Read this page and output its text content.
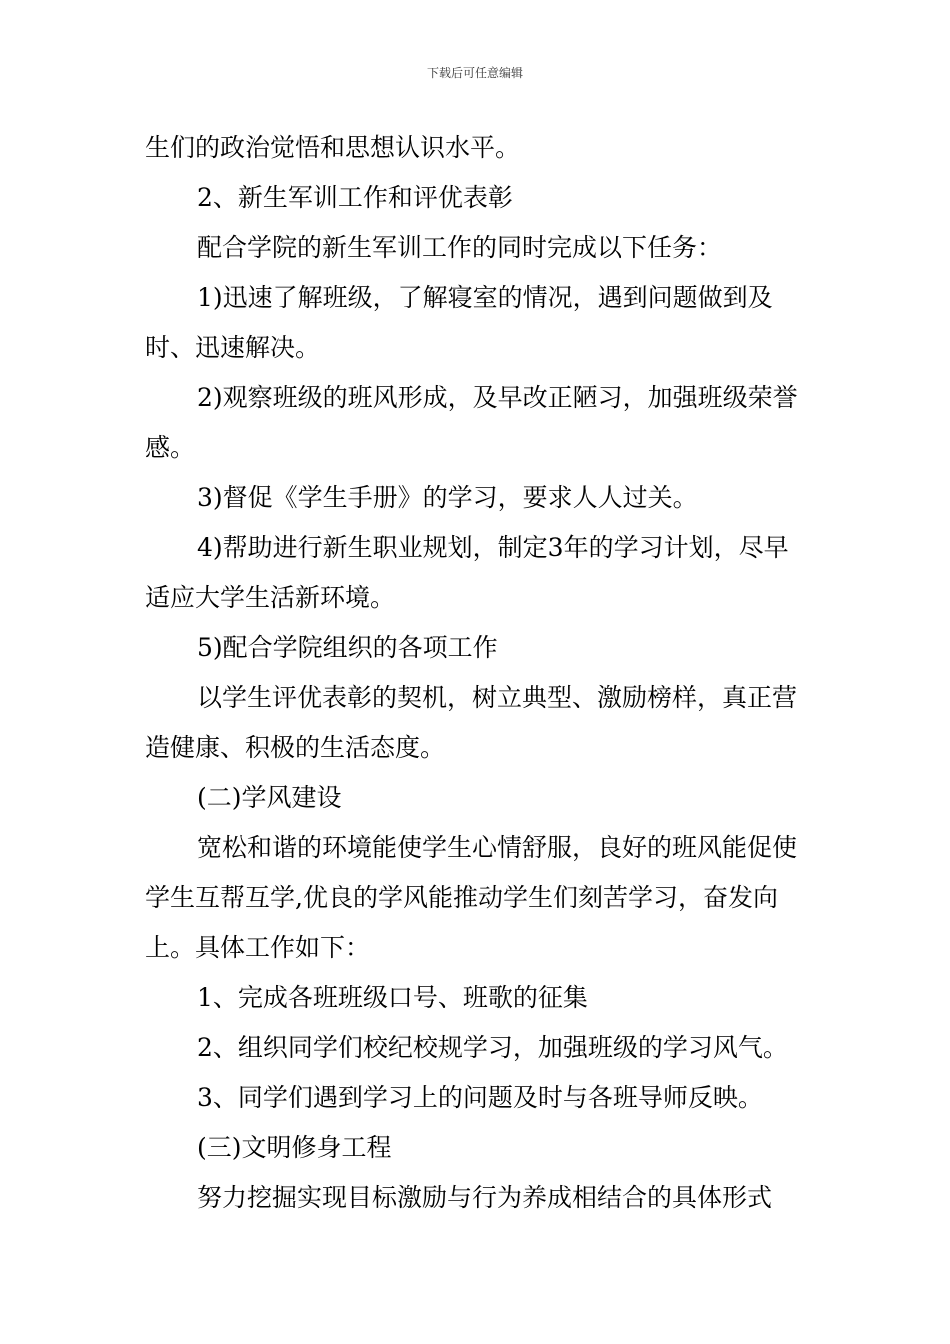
下载后可任意编辑

生们的政治觉悟和思想认识水平。

2、新生军训工作和评优表彰

配合学院的新生军训工作的同时完成以下任务：

1)迅速了解班级，了解寝室的情况，遇到问题做到及时、迅速解决。

2)观察班级的班风形成，及早改正陋习，加强班级荣誉感。

3)督促《学生手册》的学习，要求人人过关。

4)帮助进行新生职业规划，制定3年的学习计划，尽早适应大学生活新环境。

5)配合学院组织的各项工作

以学生评优表彰的契机，树立典型、激励榜样，真正营造健康、积极的生活态度。

(二)学风建设

宽松和谐的环境能使学生心情舒服，良好的班风能促使学生互帮互学,优良的学风能推动学生们刻苦学习，奋发向上。具体工作如下：

1、完成各班班级口号、班歌的征集

2、组织同学们校纪校规学习，加强班级的学习风气。

3、同学们遇到学习上的问题及时与各班导师反映。

(三)文明修身工程

努力挖掘实现目标激励与行为养成相结合的具体形式
